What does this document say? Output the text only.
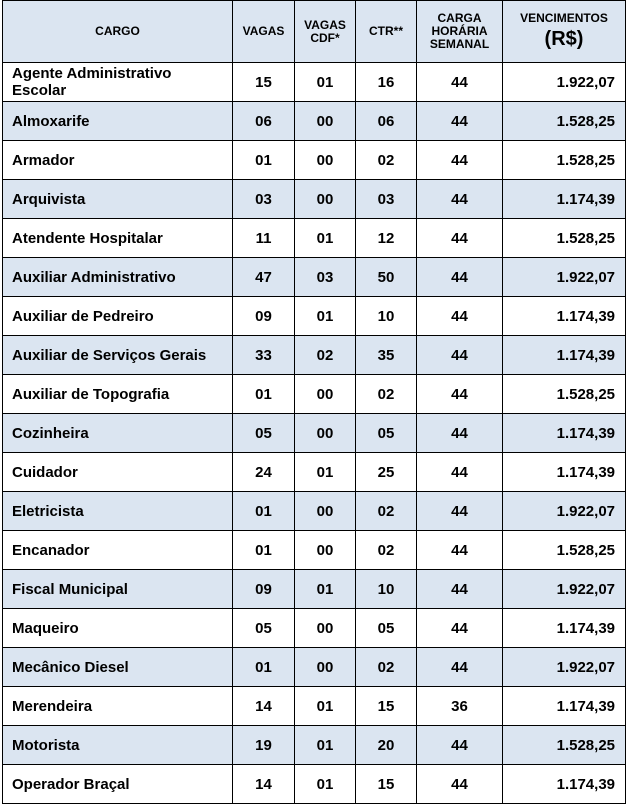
CARGO	VAGAS	VAGAS CDF*	CTR**	CARGA HORÁRIA SEMANAL	VENCIMENTOS
(R$)

Agente Administrativo Escolar	15	01	16	44	1.922,07
Almoxarife	06	00	06	44	1.528,25
Armador	01	00	02	44	1.528,25
Arquivista	03	00	03	44	1.174,39
Atendente Hospitalar	11	01	12	44	1.528,25
Auxiliar Administrativo	47	03	50	44	1.922,07
Auxiliar de Pedreiro	09	01	10	44	1.174,39
Auxiliar de Serviços Gerais	33	02	35	44	1.174,39
Auxiliar de Topografia	01	00	02	44	1.528,25
Cozinheira	05	00	05	44	1.174,39
Cuidador	24	01	25	44	1.174,39
Eletricista	01	00	02	44	1.922,07
Encanador	01	00	02	44	1.528,25
Fiscal Municipal	09	01	10	44	1.922,07
Maqueiro	05	00	05	44	1.174,39
Mecânico Diesel	01	00	02	44	1.922,07
Merendeira	14	01	15	36	1.174,39
Motorista	19	01	20	44	1.528,25
Operador Braçal	14	01	15	44	1.174,39
